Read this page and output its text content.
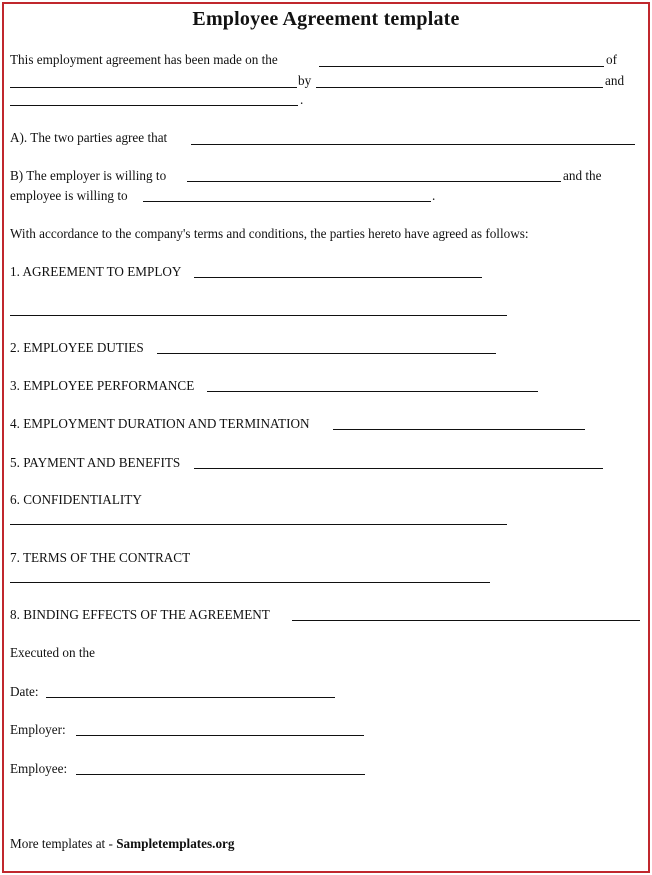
Employee Agreement template
This employment agreement has been made on the	of
by	and
.
A). The two parties agree that
B) The employer is willing to	and the
employee is willing to	.
With accordance to the company's terms and conditions, the parties hereto have agreed as follows:
1. AGREEMENT TO EMPLOY
2. EMPLOYEE DUTIES
3. EMPLOYEE PERFORMANCE
4. EMPLOYMENT DURATION AND TERMINATION
5. PAYMENT AND BENEFITS
6. CONFIDENTIALITY
7. TERMS OF THE CONTRACT
8. BINDING EFFECTS OF THE AGREEMENT
Executed on the
Date:
Employer:
Employee:
More templates at - Sampletemplates.org
